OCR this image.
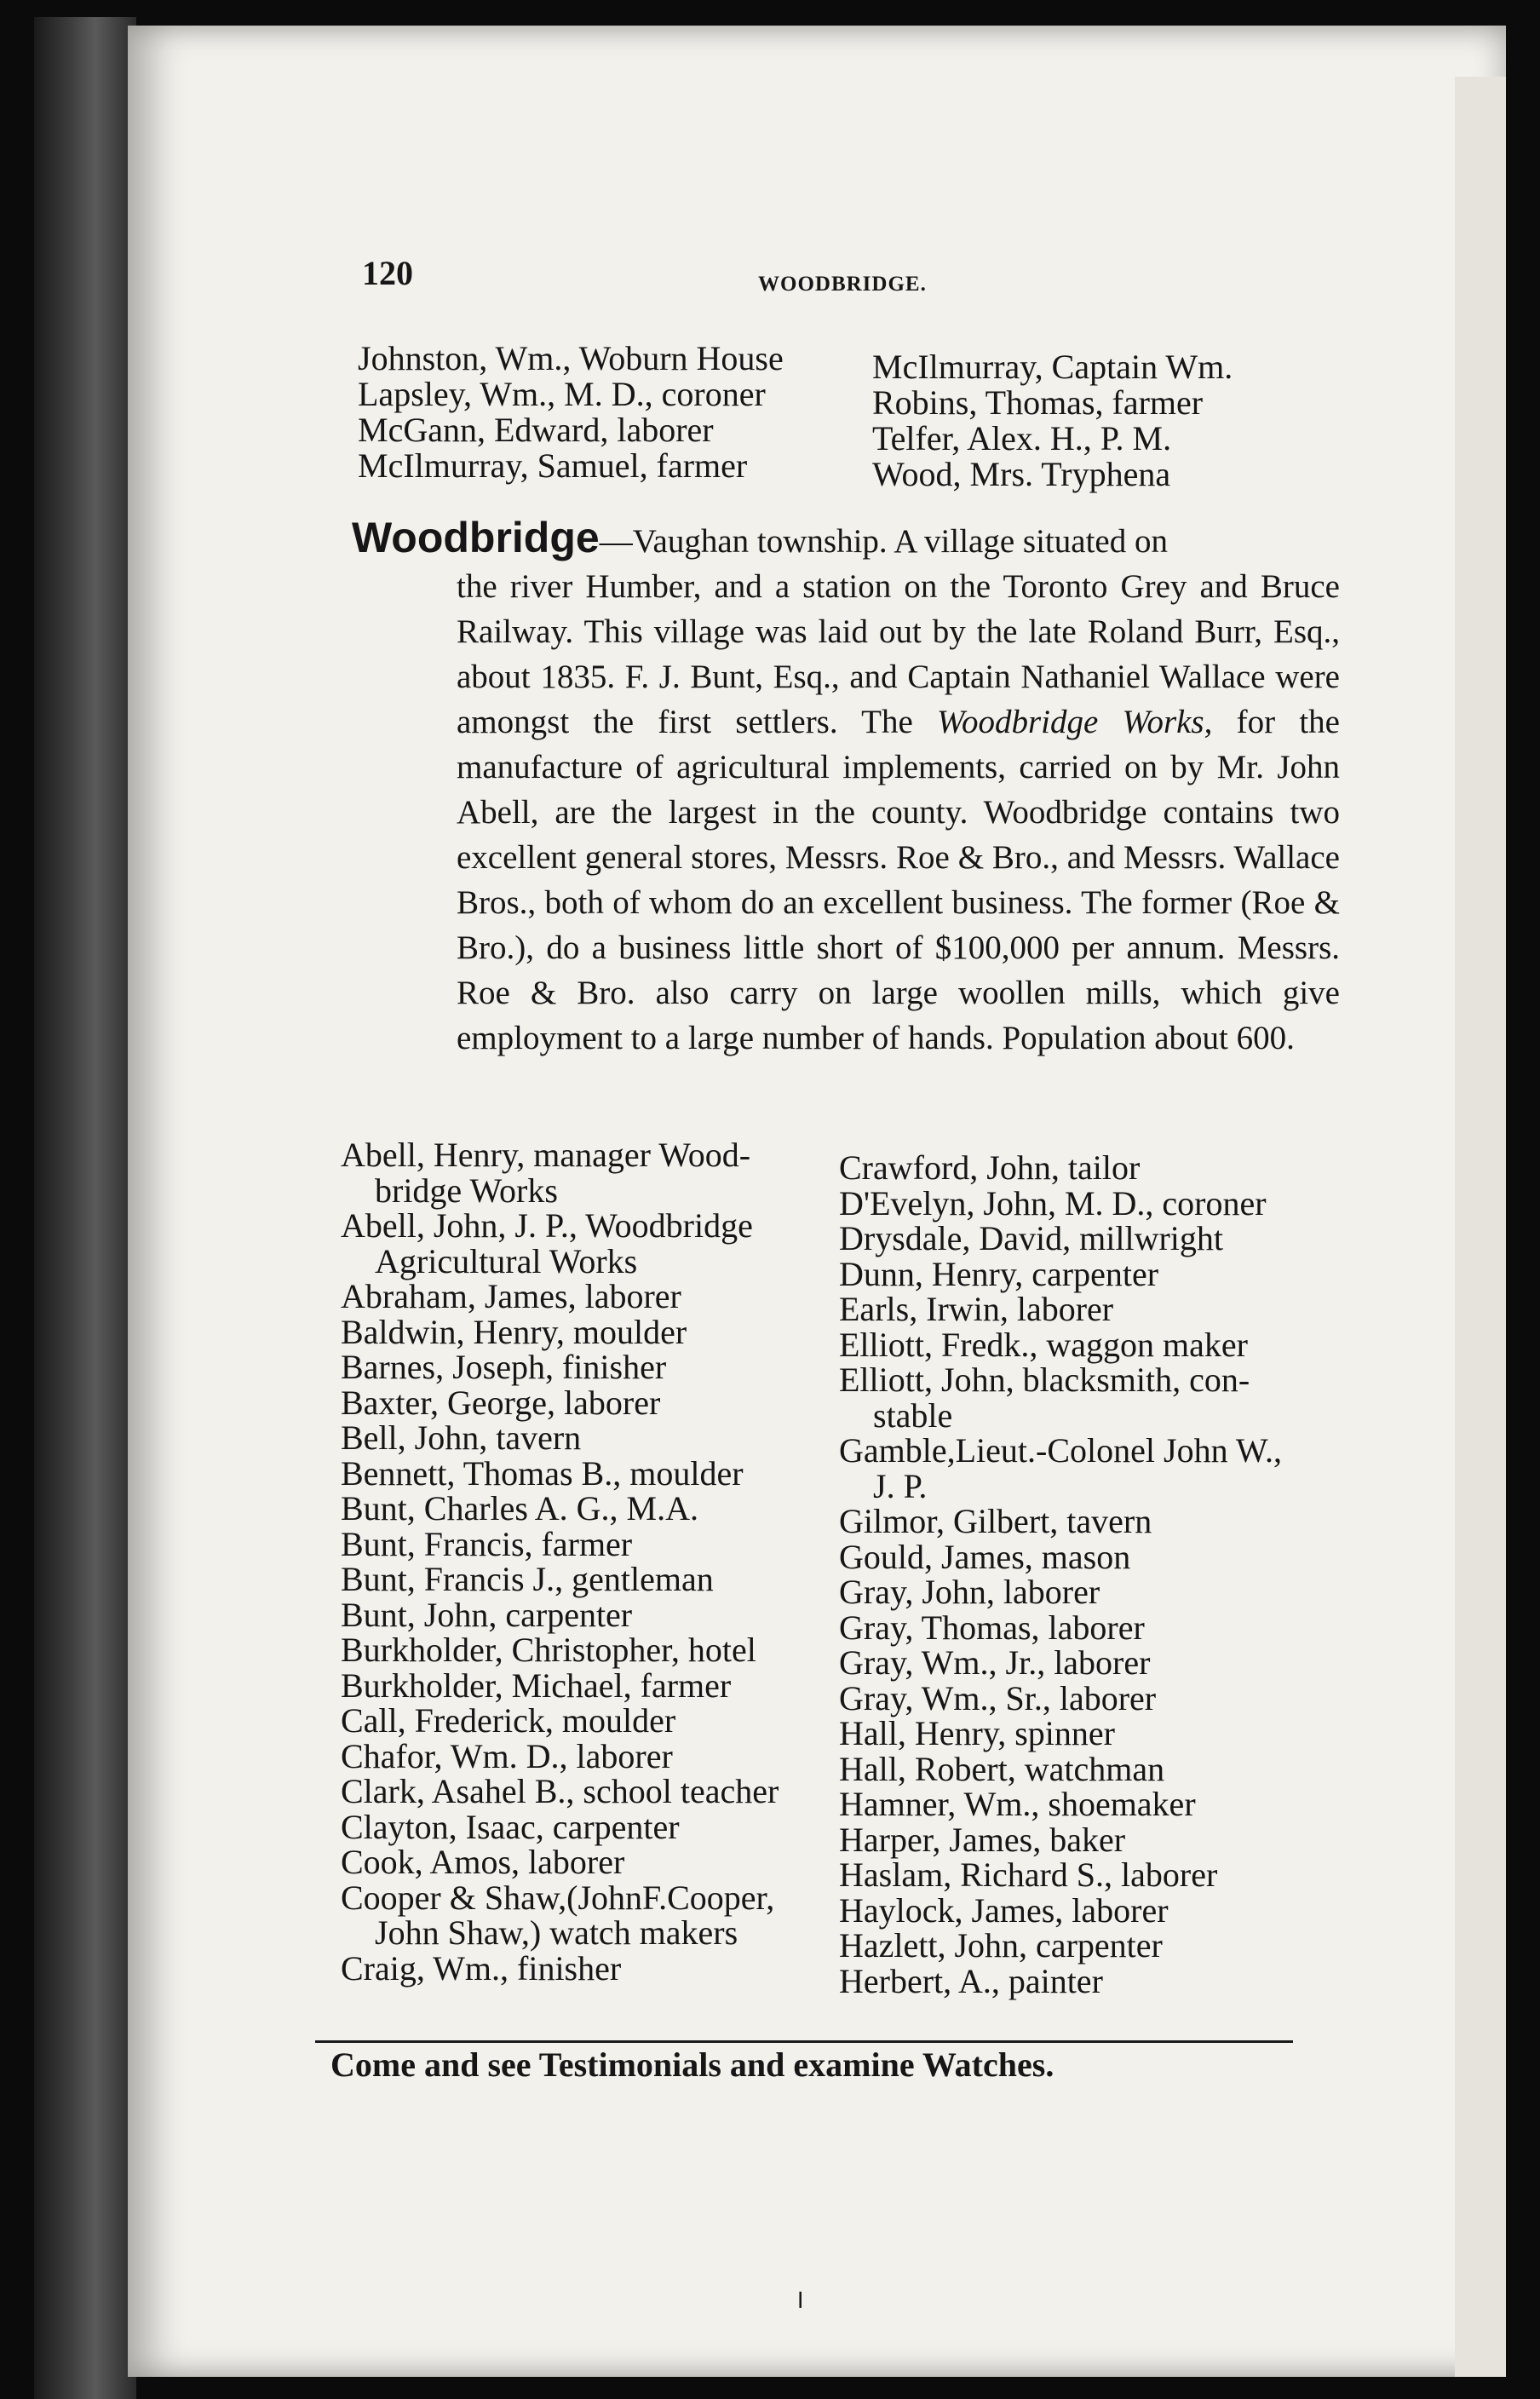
120	WOODBRIDGE.
Johnston, Wm., Woburn House
Lapsley, Wm., M. D., coroner
McGann, Edward, laborer
McIlmurray, Samuel, farmer
McIlmurray, Captain Wm.
Robins, Thomas, farmer
Telfer, Alex. H., P. M.
Wood, Mrs. Tryphena
Woodbridge—Vaughan township. A village situated on
the river Humber, and a station on the Toronto Grey and Bruce Railway. This village was laid out by the late Roland Burr, Esq., about 1835. F. J. Bunt, Esq., and Captain Nathaniel Wallace were amongst the first settlers. The Woodbridge Works, for the manufacture of agricultural implements, carried on by Mr. John Abell, are the largest in the county. Woodbridge contains two excellent general stores, Messrs. Roe & Bro., and Messrs. Wallace Bros., both of whom do an excellent business. The former (Roe & Bro.), do a business little short of $100,000 per annum. Messrs. Roe & Bro. also carry on large woollen mills, which give employment to a large number of hands. Population about 600.
Abell, Henry, manager Wood-
bridge Works
Abell, John, J. P., Woodbridge
Agricultural Works
Abraham, James, laborer
Baldwin, Henry, moulder
Barnes, Joseph, finisher
Baxter, George, laborer
Bell, John, tavern
Bennett, Thomas B., moulder
Bunt, Charles A. G., M.A.
Bunt, Francis, farmer
Bunt, Francis J., gentleman
Bunt, John, carpenter
Burkholder, Christopher, hotel
Burkholder, Michael, farmer
Call, Frederick, moulder
Chafor, Wm. D., laborer
Clark, Asahel B., school teacher
Clayton, Isaac, carpenter
Cook, Amos, laborer
Cooper & Shaw,(JohnF.Cooper,
John Shaw,) watch makers
Craig, Wm., finisher
Crawford, John, tailor
D'Evelyn, John, M. D., coroner
Drysdale, David, millwright
Dunn, Henry, carpenter
Earls, Irwin, laborer
Elliott, Fredk., waggon maker
Elliott, John, blacksmith, con-
stable
Gamble,Lieut.-Colonel John W.,
J. P.
Gilmor, Gilbert, tavern
Gould, James, mason
Gray, John, laborer
Gray, Thomas, laborer
Gray, Wm., Jr., laborer
Gray, Wm., Sr., laborer
Hall, Henry, spinner
Hall, Robert, watchman
Hamner, Wm., shoemaker
Harper, James, baker
Haslam, Richard S., laborer
Haylock, James, laborer
Hazlett, John, carpenter
Herbert, A., painter
Come and see Testimonials and examine Watches.
╵
